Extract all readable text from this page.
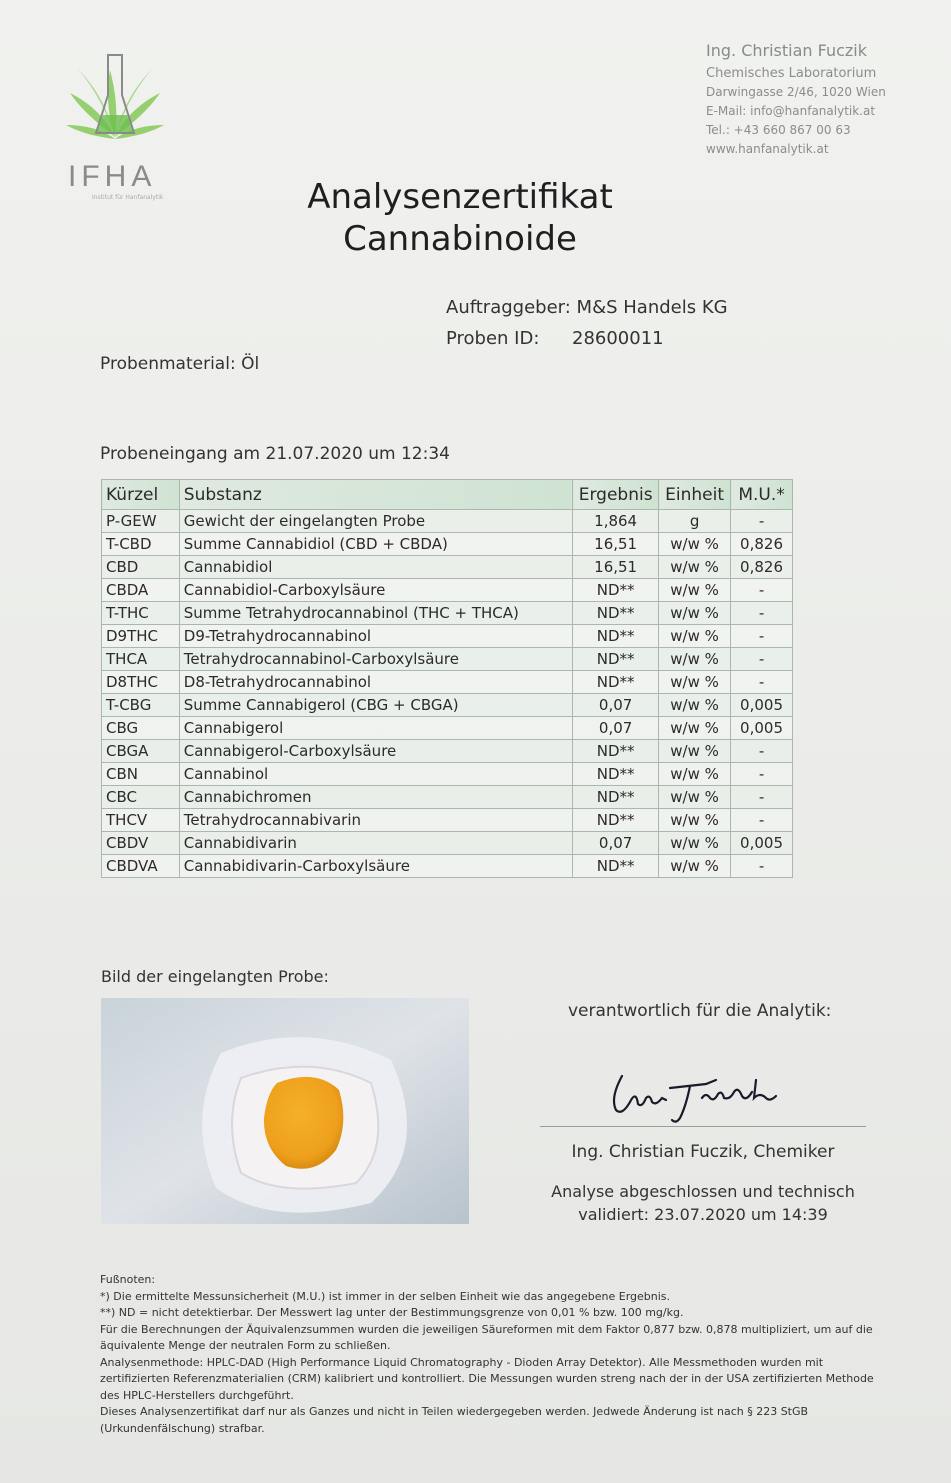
IFHA
Institut für Hanfanalytik
Ing. Christian Fuczik
Chemisches Laboratorium
Darwingasse 2/46, 1020 Wien
E-Mail: info@hanfanalytik.at
Tel.: +43 660 867 00 63
www.hanfanalytik.at
Analysenzertifikat
Cannabinoide
Auftraggeber: M&S Handels KG
Proben ID: 28600011
Probenmaterial: Öl
Probeneingang am 21.07.2020 um 12:34
Kürzel	Substanz	Ergebnis	Einheit	M.U.*
P-GEW	Gewicht der eingelangten Probe	1,864	g	-
T-CBD	Summe Cannabidiol (CBD + CBDA)	16,51	w/w %	0,826
CBD	Cannabidiol	16,51	w/w %	0,826
CBDA	Cannabidiol-Carboxylsäure	ND**	w/w %	-
T-THC	Summe Tetrahydrocannabinol (THC + THCA)	ND**	w/w %	-
D9THC	D9-Tetrahydrocannabinol	ND**	w/w %	-
THCA	Tetrahydrocannabinol-Carboxylsäure	ND**	w/w %	-
D8THC	D8-Tetrahydrocannabinol	ND**	w/w %	-
T-CBG	Summe Cannabigerol (CBG + CBGA)	0,07	w/w %	0,005
CBG	Cannabigerol	0,07	w/w %	0,005
CBGA	Cannabigerol-Carboxylsäure	ND**	w/w %	-
CBN	Cannabinol	ND**	w/w %	-
CBC	Cannabichromen	ND**	w/w %	-
THCV	Tetrahydrocannabivarin	ND**	w/w %	-
CBDV	Cannabidivarin	0,07	w/w %	0,005
CBDVA	Cannabidivarin-Carboxylsäure	ND**	w/w %	-
Bild der eingelangten Probe:
verantwortlich für die Analytik:
Ing. Christian Fuczik, Chemiker
Analyse abgeschlossen und technisch
validiert: 23.07.2020 um 14:39
Fußnoten:
*) Die ermittelte Messunsicherheit (M.U.) ist immer in der selben Einheit wie das angegebene Ergebnis.
**) ND = nicht detektierbar. Der Messwert lag unter der Bestimmungsgrenze von 0,01 % bzw. 100 mg/kg.
Für die Berechnungen der Äquivalenzsummen wurden die jeweiligen Säureformen mit dem Faktor 0,877 bzw. 0,878 multipliziert, um auf die äquivalente Menge der neutralen Form zu schließen.
Analysenmethode: HPLC-DAD (High Performance Liquid Chromatography - Dioden Array Detektor). Alle Messmethoden wurden mit zertifizierten Referenzmaterialien (CRM) kalibriert und kontrolliert. Die Messungen wurden streng nach der in der USA zertifizierten Methode des HPLC-Herstellers durchgeführt.
Dieses Analysenzertifikat darf nur als Ganzes und nicht in Teilen wiedergegeben werden. Jedwede Änderung ist nach § 223 StGB (Urkundenfälschung) strafbar.
